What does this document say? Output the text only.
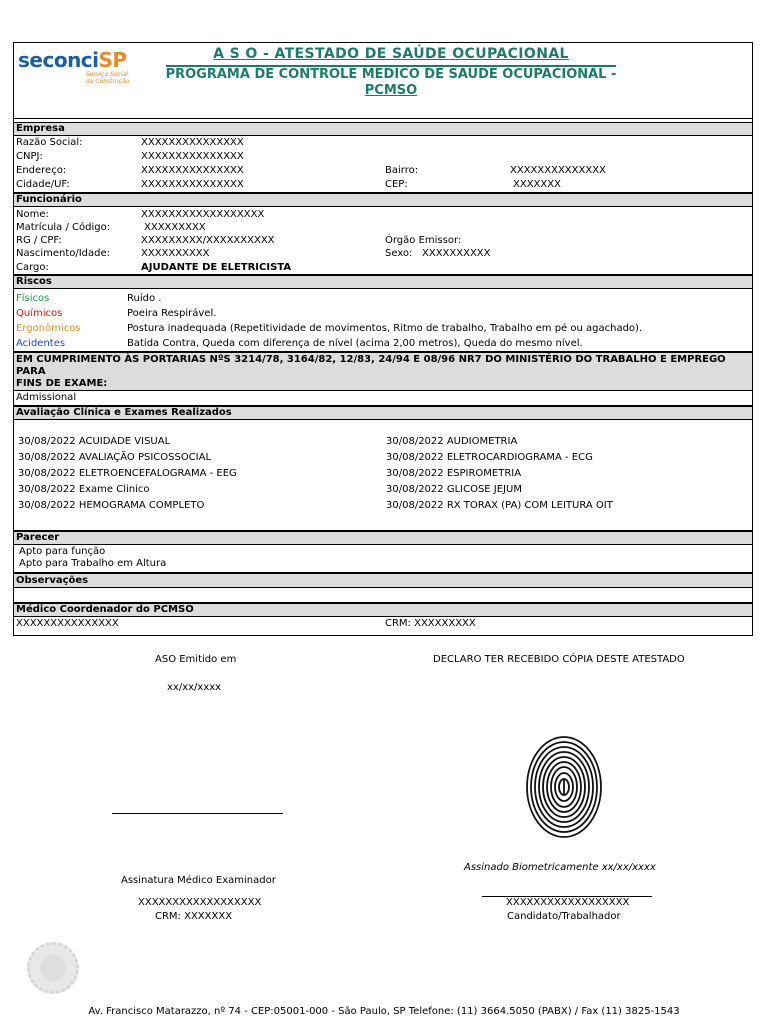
seconciSP
Serviço Social
da Construção
A S O - ATESTADO DE SAÚDE OCUPACIONAL
PROGRAMA DE CONTROLE MÉDICO DE SAÚDE OCUPACIONAL -
PCMSO
Empresa
Razão Social:	XXXXXXXXXXXXXXX
CNPJ:	XXXXXXXXXXXXXXX
Endereço:	XXXXXXXXXXXXXXX	Bairro:	XXXXXXXXXXXXXX
Cidade/UF:	XXXXXXXXXXXXXXX	CEP:	XXXXXXX
Funcionário
Nome:	XXXXXXXXXXXXXXXXXX
Matrícula / Código:	XXXXXXXXX
RG / CPF:	XXXXXXXXX/XXXXXXXXXX	Órgão Emissor:
Nascimento/Idade:	XXXXXXXXXX	Sexo: XXXXXXXXXX
Cargo:	AJUDANTE DE ELETRICISTA
Riscos
Físicos	Ruído .
Químicos	Poeira Respirável.
Ergonômicos	Postura inadequada (Repetitividade de movimentos, Ritmo de trabalho, Trabalho em pé ou agachado).
Acidentes	Batida Contra, Queda com diferença de nível (acima 2,00 metros), Queda do mesmo nível.
EM CUMPRIMENTO ÀS PORTARIAS NºS 3214/78, 3164/82, 12/83, 24/94 E 08/96 NR7 DO MINISTÉRIO DO TRABALHO E EMPREGO PARA
FINS DE EXAME:
Admissional
Avaliação Clínica e Exames Realizados
30/08/2022 ACUIDADE VISUAL
30/08/2022 AVALIAÇÃO PSICOSSOCIAL
30/08/2022 ELETROENCEFALOGRAMA - EEG
30/08/2022 Exame Clinico
30/08/2022 HEMOGRAMA COMPLETO
30/08/2022 AUDIOMETRIA
30/08/2022 ELETROCARDIOGRAMA - ECG
30/08/2022 ESPIROMETRIA
30/08/2022 GLICOSE JEJUM
30/08/2022 RX TORAX (PA) COM LEITURA OIT
Parecer
Apto para função
Apto para Trabalho em Altura
Observações
Médico Coordenador do PCMSO
XXXXXXXXXXXXXXX	CRM: XXXXXXXXX
ASO Emitido em
xx/xx/xxxx
DECLARO TER RECEBIDO CÓPIA DESTE ATESTADO
Assinado Biometricamente xx/xx/xxxx
Assinatura Médico Examinador
XXXXXXXXXXXXXXXXXX
CRM: XXXXXXX
XXXXXXXXXXXXXXXXXX
Candidato/Trabalhador
Av. Francisco Matarazzo, nº 74 - CEP:05001-000 - São Paulo, SP Telefone: (11) 3664.5050 (PABX) / Fax (11) 3825-1543
